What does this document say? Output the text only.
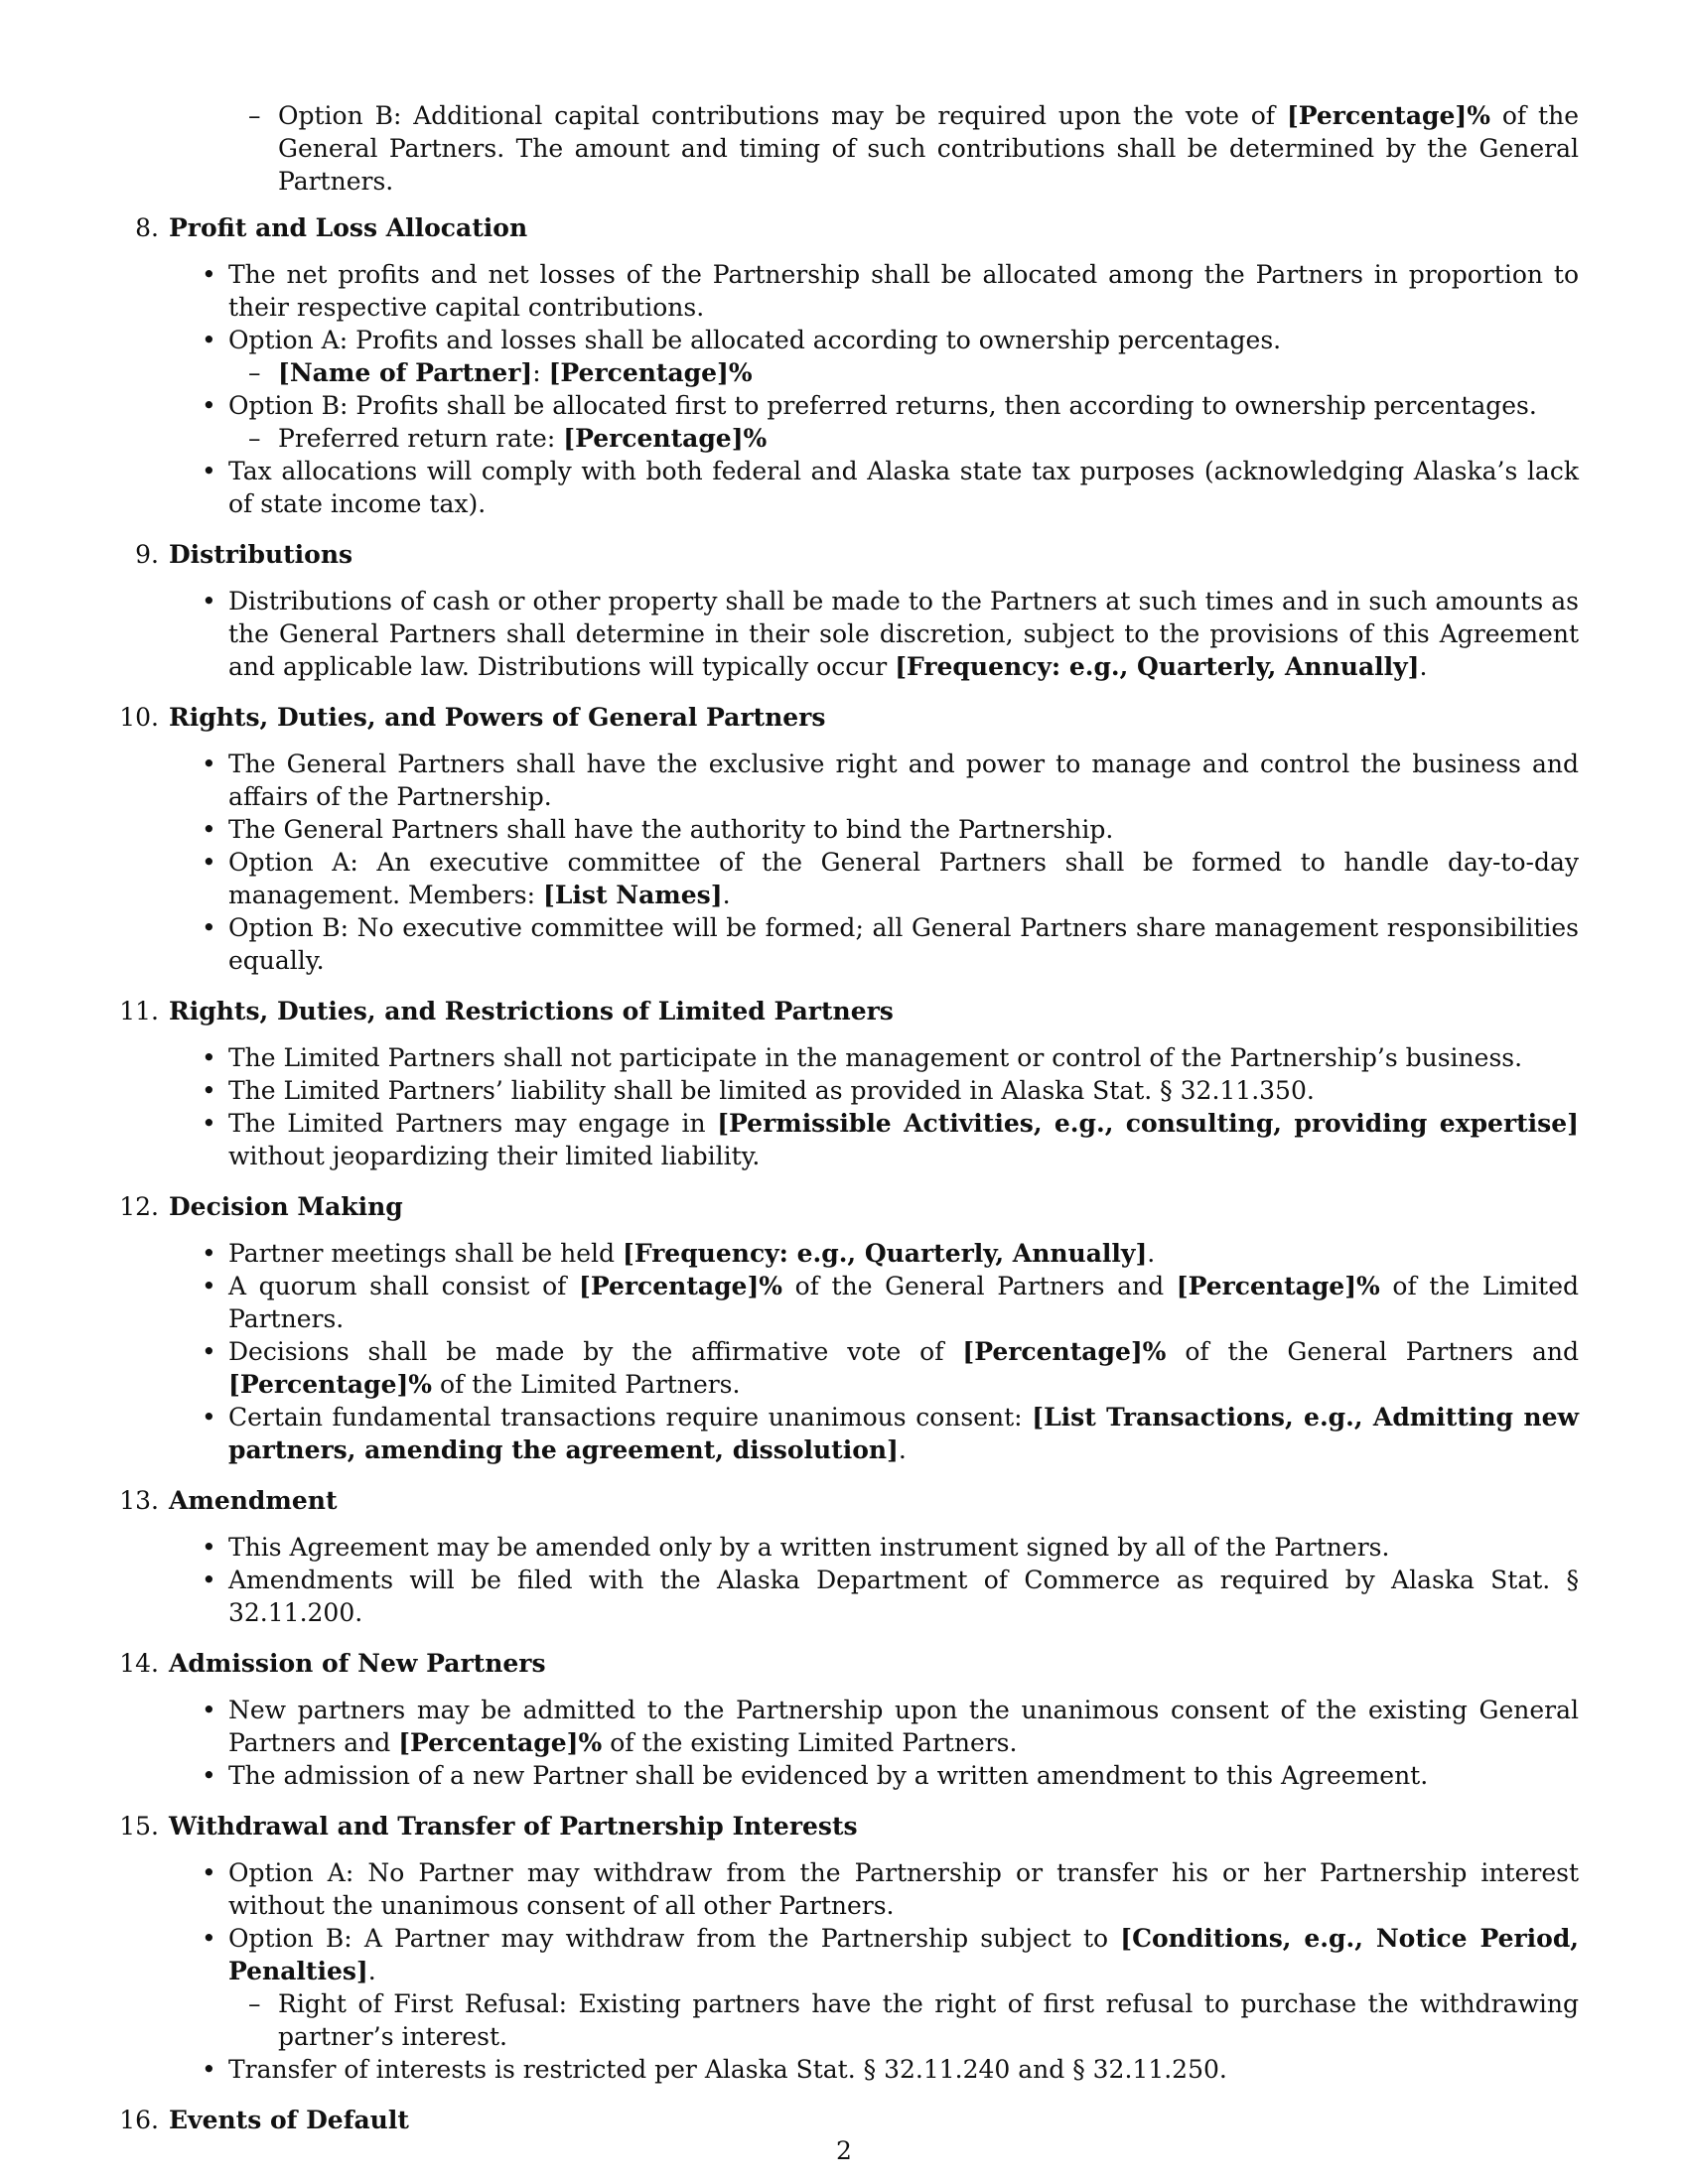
– Option B: Additional capital contributions may be required upon the vote of [Percentage]% of the General Partners. The amount and timing of such contributions shall be determined by the General Partners.
8. Profit and Loss Allocation
• The net profits and net losses of the Partnership shall be allocated among the Partners in proportion to their respective capital contributions.
• Option A: Profits and losses shall be allocated according to ownership percentages.
– [Name of Partner]: [Percentage]%
• Option B: Profits shall be allocated first to preferred returns, then according to ownership percentages.
– Preferred return rate: [Percentage]%
• Tax allocations will comply with both federal and Alaska state tax purposes (acknowledging Alaska’s lack of state income tax).
9. Distributions
• Distributions of cash or other property shall be made to the Partners at such times and in such amounts as the General Partners shall determine in their sole discretion, subject to the provisions of this Agreement and applicable law. Distributions will typically occur [Frequency: e.g., Quarterly, Annually].
10. Rights, Duties, and Powers of General Partners
• The General Partners shall have the exclusive right and power to manage and control the business and affairs of the Partnership.
• The General Partners shall have the authority to bind the Partnership.
• Option A: An executive committee of the General Partners shall be formed to handle day-to-day management. Members: [List Names].
• Option B: No executive committee will be formed; all General Partners share management responsibilities equally.
11. Rights, Duties, and Restrictions of Limited Partners
• The Limited Partners shall not participate in the management or control of the Partnership’s business.
• The Limited Partners’ liability shall be limited as provided in Alaska Stat. § 32.11.350.
• The Limited Partners may engage in [Permissible Activities, e.g., consulting, providing expertise] without jeopardizing their limited liability.
12. Decision Making
• Partner meetings shall be held [Frequency: e.g., Quarterly, Annually].
• A quorum shall consist of [Percentage]% of the General Partners and [Percentage]% of the Limited Partners.
• Decisions shall be made by the affirmative vote of [Percentage]% of the General Partners and [Percentage]% of the Limited Partners.
• Certain fundamental transactions require unanimous consent: [List Transactions, e.g., Admitting new partners, amending the agreement, dissolution].
13. Amendment
• This Agreement may be amended only by a written instrument signed by all of the Partners.
• Amendments will be filed with the Alaska Department of Commerce as required by Alaska Stat. § 32.11.200.
14. Admission of New Partners
• New partners may be admitted to the Partnership upon the unanimous consent of the existing General Partners and [Percentage]% of the existing Limited Partners.
• The admission of a new Partner shall be evidenced by a written amendment to this Agreement.
15. Withdrawal and Transfer of Partnership Interests
• Option A: No Partner may withdraw from the Partnership or transfer his or her Partnership interest without the unanimous consent of all other Partners.
• Option B: A Partner may withdraw from the Partnership subject to [Conditions, e.g., Notice Period, Penalties].
– Right of First Refusal: Existing partners have the right of first refusal to purchase the withdrawing partner’s interest.
• Transfer of interests is restricted per Alaska Stat. § 32.11.240 and § 32.11.250.
16. Events of Default
2
